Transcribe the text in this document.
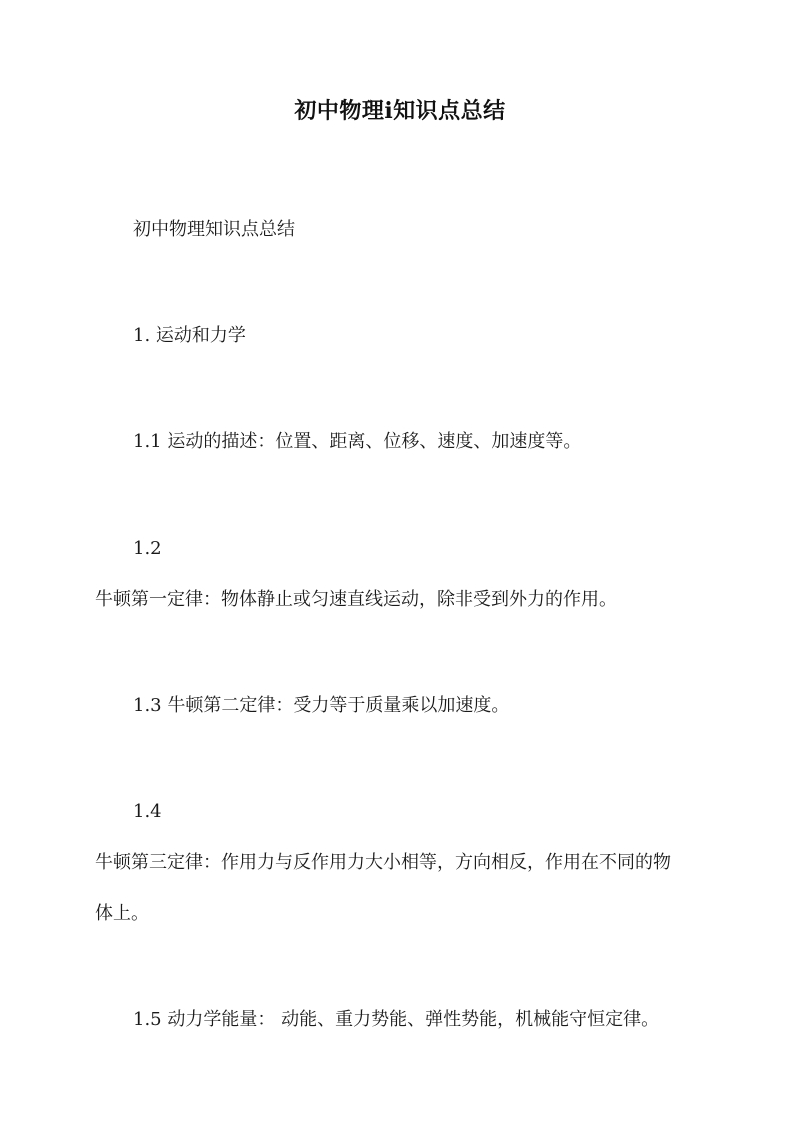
初中物理i知识点总结
初中物理知识点总结
1. 运动和力学
1.1 运动的描述：位置、距离、位移、速度、加速度等。
1.2
牛顿第一定律：物体静止或匀速直线运动，除非受到外力的作用。
1.3 牛顿第二定律：受力等于质量乘以加速度。
1.4
牛顿第三定律：作用力与反作用力大小相等，方向相反，作用在不同的物
体上。
1.5 动力学能量： 动能、重力势能、弹性势能，机械能守恒定律。
